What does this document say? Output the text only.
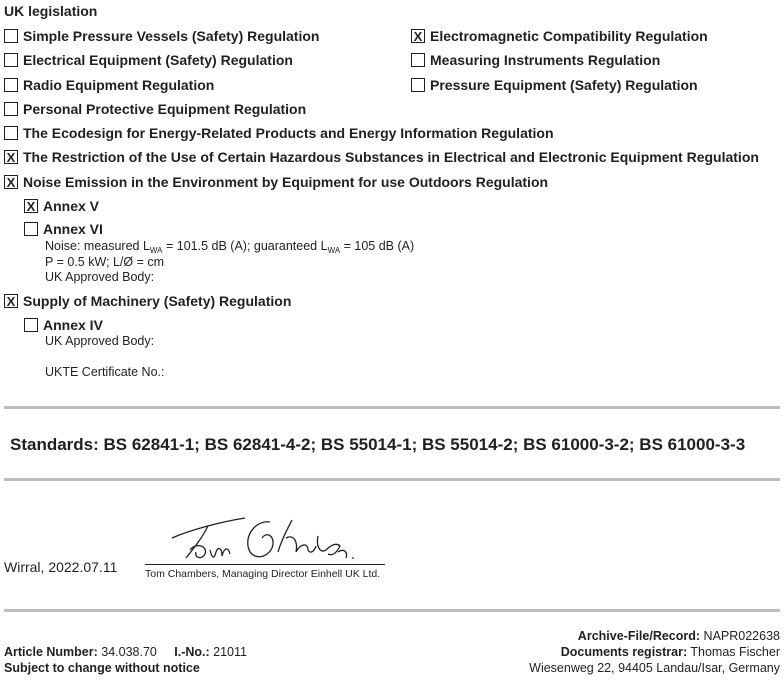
UK legislation
Simple Pressure Vessels (Safety) Regulation
Electrical Equipment (Safety) Regulation
Radio Equipment Regulation
Personal Protective Equipment Regulation
X Electromagnetic Compatibility Regulation
Measuring Instruments Regulation
Pressure Equipment (Safety) Regulation
The Ecodesign for Energy-Related Products and Energy Information Regulation
X The Restriction of the Use of Certain Hazardous Substances in Electrical and Electronic Equipment Regulation
X Noise Emission in the Environment by Equipment for use Outdoors Regulation
X Annex V
Annex VI
Noise: measured $L_{WA} = 101.5$ dB (A); guaranteed $L_{WA} = 105$ dB (A)
P = 0.5 kW; L/Ø = cm
UK Approved Body:
X Supply of Machinery (Safety) Regulation
Annex IV
UK Approved Body:
UKTE Certificate No.:
Standards: BS 62841-1; BS 62841-4-2; BS 55014-1; BS 55014-2; BS 61000-3-2; BS 61000-3-3
Wirral, 2022.07.11	Tom Chambers, Managing Director Einhell UK Ltd.
Article Number: 34.038.70 I.-No.: 21011
Subject to change without notice
Archive-File/Record: NAPR022638
Documents registrar: Thomas Fischer
Wiesenweg 22, 94405 Landau/Isar, Germany
